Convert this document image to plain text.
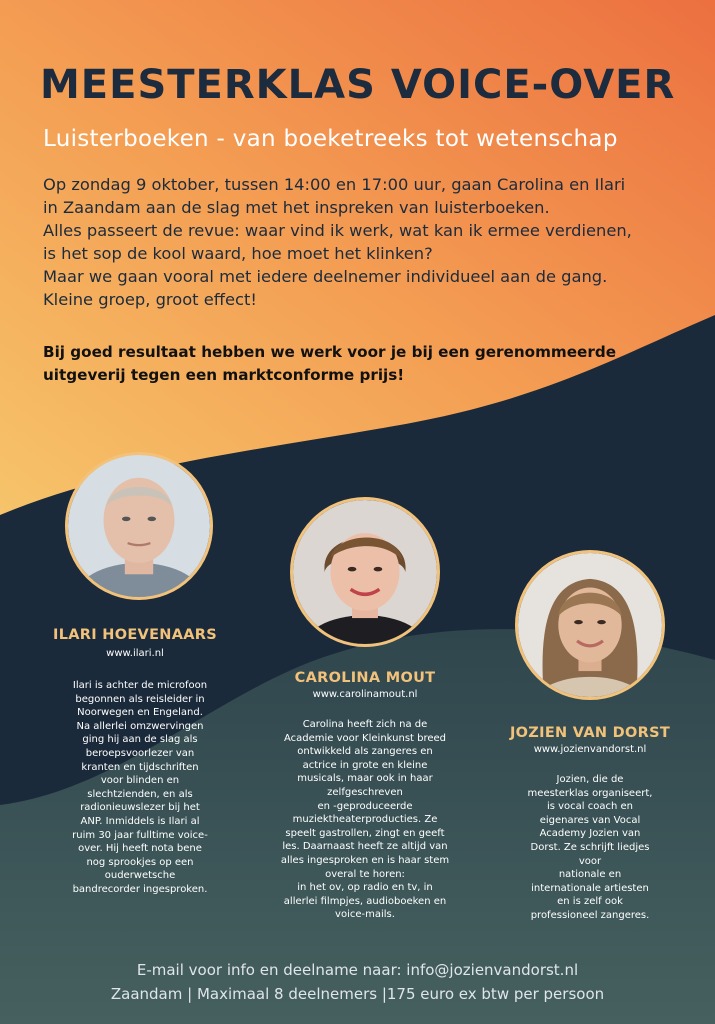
MEESTERKLAS VOICE-OVER
Luisterboeken - van boeketreeks tot wetenschap
Op zondag 9 oktober, tussen 14:00 en 17:00 uur, gaan Carolina en Ilari
in Zaandam aan de slag met het inspreken van luisterboeken.
Alles passeert de revue: waar vind ik werk, wat kan ik ermee verdienen,
is het sop de kool waard, hoe moet het klinken?
Maar we gaan vooral met iedere deelnemer individueel aan de gang.
Kleine groep, groot effect!
Bij goed resultaat hebben we werk voor je bij een gerenommeerde
uitgeverij tegen een marktconforme prijs!
ILARI HOEVENAARS
www.ilari.nl
Ilari is achter de microfoon
begonnen als reisleider in
Noorwegen en Engeland.
Na allerlei omzwervingen
ging hij aan de slag als
beroepsvoorlezer van
kranten en tijdschriften
voor blinden en
slechtzienden, en als
radionieuwslezer bij het
ANP. Inmiddels is Ilari al
ruim 30 jaar fulltime voice-
over. Hij heeft nota bene
nog sprookjes op een
ouderwetsche
bandrecorder ingesproken.
CAROLINA MOUT
www.carolinamout.nl
Carolina heeft zich na de
Academie voor Kleinkunst breed
ontwikkeld als zangeres en
actrice in grote en kleine
musicals, maar ook in haar
zelfgeschreven
en -geproduceerde
muziektheaterproducties. Ze
speelt gastrollen, zingt en geeft
les. Daarnaast heeft ze altijd van
alles ingesproken en is haar stem
overal te horen:
in het ov, op radio en tv, in
allerlei filmpjes, audioboeken en
voice-mails.
JOZIEN VAN DORST
www.jozienvandorst.nl
Jozien, die de
meesterklas organiseert,
is vocal coach en
eigenares van Vocal
Academy Jozien van
Dorst. Ze schrijft liedjes
voor
nationale en
internationale artiesten
en is zelf ook
professioneel zangeres.
E-mail voor info en deelname naar: info@jozienvandorst.nl
Zaandam | Maximaal 8 deelnemers |175 euro ex btw per persoon
